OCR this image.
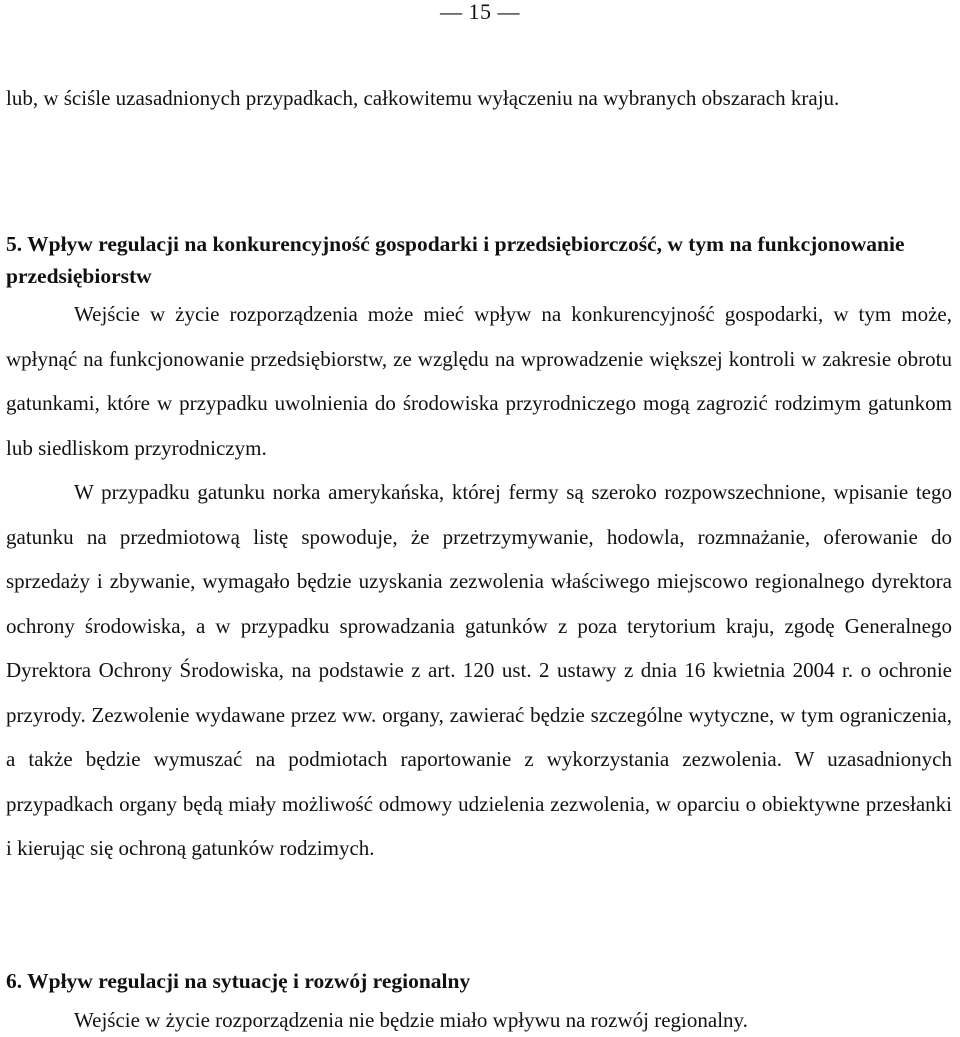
— 15 —

lub, w ściśle uzasadnionych przypadkach, całkowitemu wyłączeniu na wybranych obszarach kraju.

5. Wpływ regulacji na konkurencyjność gospodarki i przedsiębiorczość, w tym na funkcjonowanie przedsiębiorstw

Wejście w życie rozporządzenia może mieć wpływ na konkurencyjność gospodarki, w tym może, wpłynąć na funkcjonowanie przedsiębiorstw, ze względu na wprowadzenie większej kontroli w zakresie obrotu gatunkami, które w przypadku uwolnienia do środowiska przyrodniczego mogą zagrozić rodzimym gatunkom lub siedliskom przyrodniczym.

W przypadku gatunku norka amerykańska, której fermy są szeroko rozpowszechnione, wpisanie tego gatunku na przedmiotową listę spowoduje, że przetrzymywanie, hodowla, rozmnażanie, oferowanie do sprzedaży i zbywanie, wymagało będzie uzyskania zezwolenia właściwego miejscowo regionalnego dyrektora ochrony środowiska, a w przypadku sprowadzania gatunków z poza terytorium kraju, zgodę Generalnego Dyrektora Ochrony Środowiska, na podstawie z art. 120 ust. 2 ustawy z dnia 16 kwietnia 2004 r. o ochronie przyrody. Zezwolenie wydawane przez ww. organy, zawierać będzie szczególne wytyczne, w tym ograniczenia, a także będzie wymuszać na podmiotach raportowanie z wykorzystania zezwolenia. W uzasadnionych przypadkach organy będą miały możliwość odmowy udzielenia zezwolenia, w oparciu o obiektywne przesłanki i kierując się ochroną gatunków rodzimych.

6. Wpływ regulacji na sytuację i rozwój regionalny

Wejście w życie rozporządzenia nie będzie miało wpływu na rozwój regionalny.
